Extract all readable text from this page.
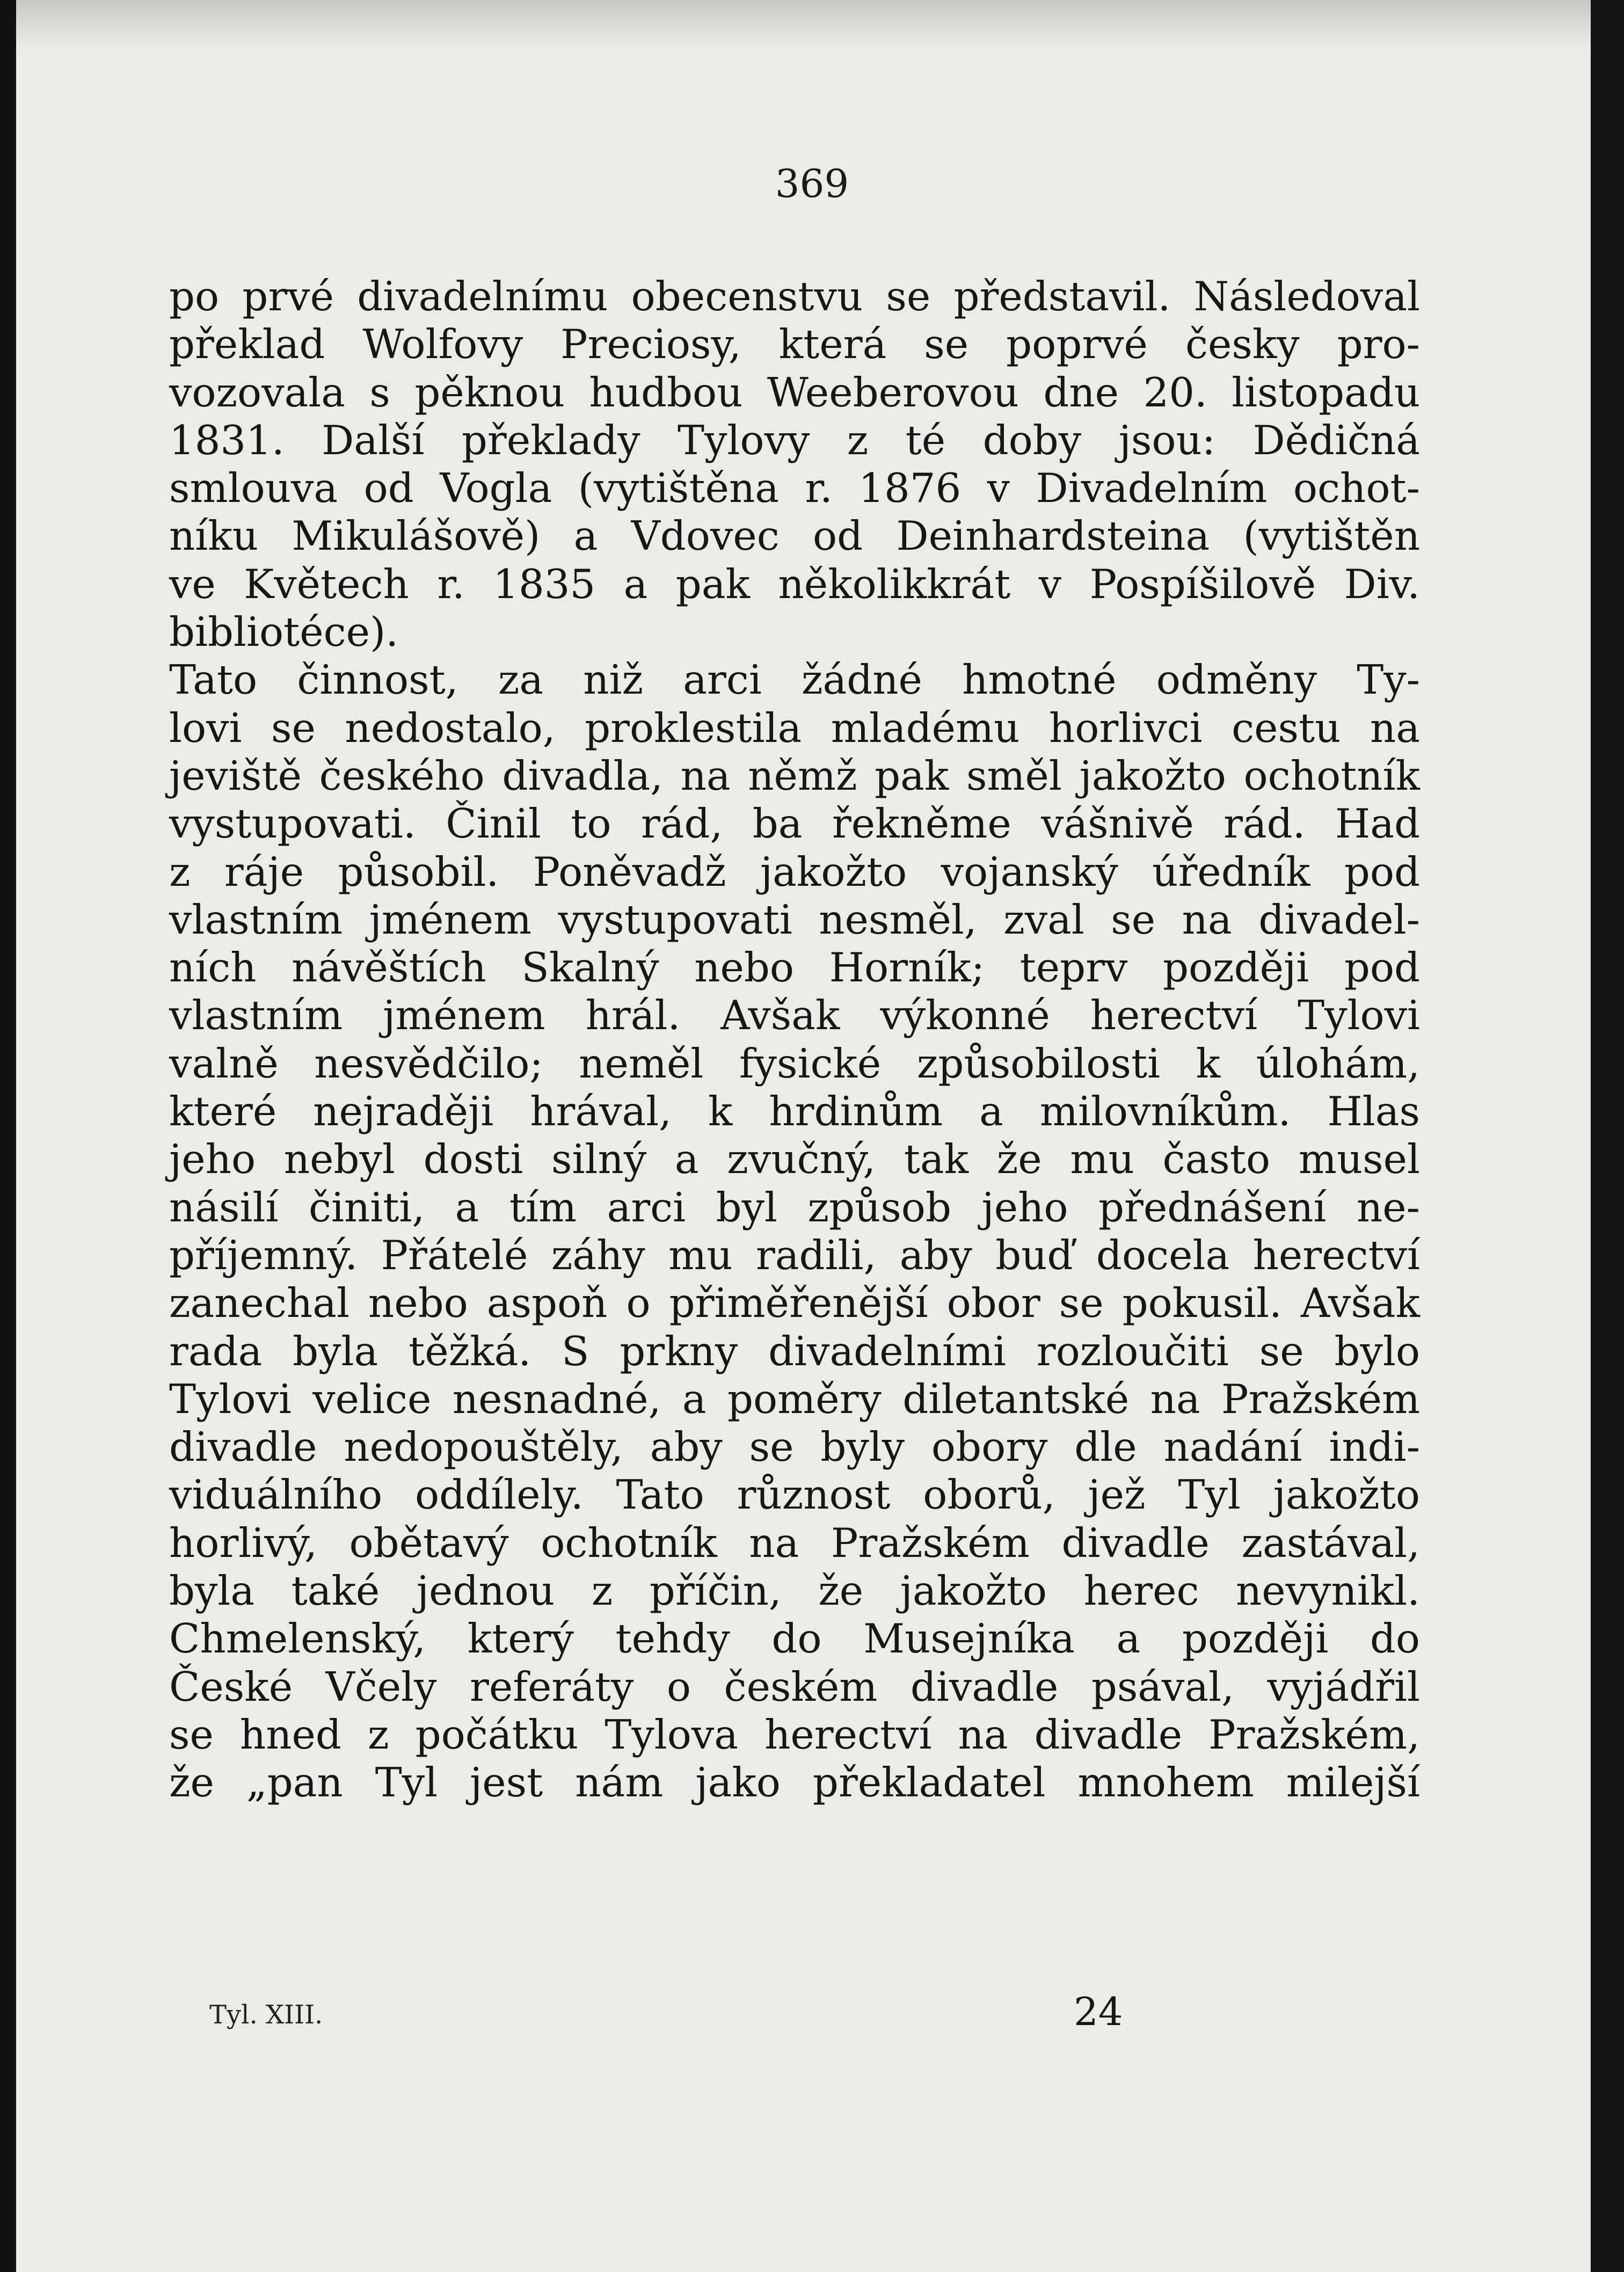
369
po prvé divadelnímu obecenstvu se představil. Následoval
překlad Wolfovy Preciosy, která se poprvé česky pro-
vozovala s pěknou hudbou Weeberovou dne 20. listopadu
1831. Další překlady Tylovy z té doby jsou: Dědičná
smlouva od Vogla (vytištěna r. 1876 v Divadelním ochot-
níku Mikulášově) a Vdovec od Deinhardsteina (vytištěn
ve Květech r. 1835 a pak několikkrát v Pospíšilově Div.
bibliotéce).
Tato činnost, za niž arci žádné hmotné odměny Ty-
lovi se nedostalo, proklestila mladému horlivci cestu na
jeviště českého divadla, na němž pak směl jakožto ochotník
vystupovati. Činil to rád, ba řekněme vášnivě rád. Had
z ráje působil. Poněvadž jakožto vojanský úředník pod
vlastním jménem vystupovati nesměl, zval se na divadel-
ních návěštích Skalný nebo Horník; teprv později pod
vlastním jménem hrál. Avšak výkonné herectví Tylovi
valně nesvědčilo; neměl fysické způsobilosti k úlohám,
které nejraději hrával, k hrdinům a milovníkům. Hlas
jeho nebyl dosti silný a zvučný, tak že mu často musel
násilí činiti, a tím arci byl způsob jeho přednášení ne-
příjemný. Přátelé záhy mu radili, aby buď docela herectví
zanechal nebo aspoň o přiměřenější obor se pokusil. Avšak
rada byla těžká. S prkny divadelními rozloučiti se bylo
Tylovi velice nesnadné, a poměry diletantské na Pražském
divadle nedopouštěly, aby se byly obory dle nadání indi-
viduálního oddílely. Tato různost oborů, jež Tyl jakožto
horlivý, obětavý ochotník na Pražském divadle zastával,
byla také jednou z příčin, že jakožto herec nevynikl.
Chmelenský, který tehdy do Musejníka a později do
České Včely referáty o českém divadle psával, vyjádřil
se hned z počátku Tylova herectví na divadle Pražském,
že „pan Tyl jest nám jako překladatel mnohem milejší
Tyl. XIII.	24
